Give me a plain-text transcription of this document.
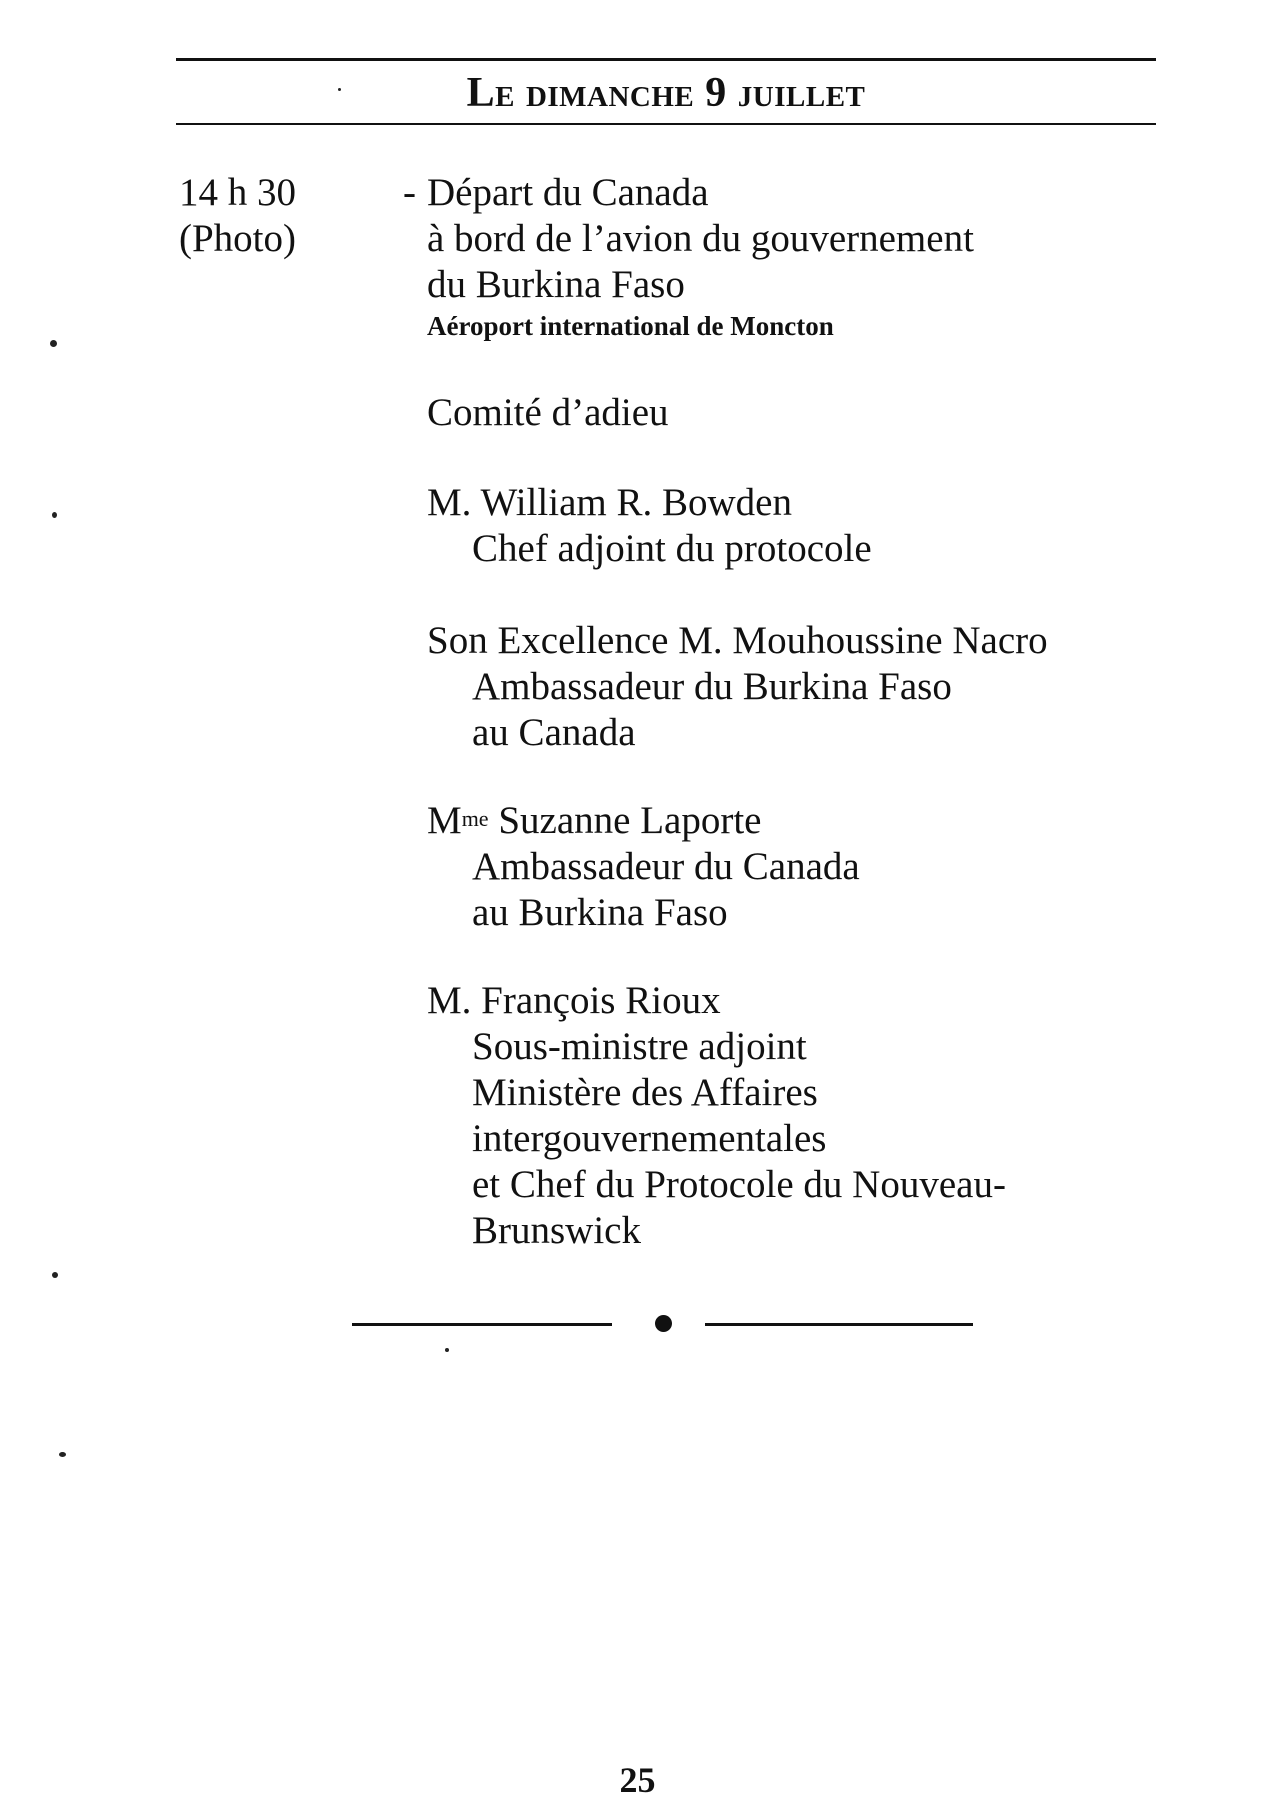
Le dimanche 9 juillet
14 h 30
(Photo)
- Départ du Canada
à bord de l’avion du gouvernement
du Burkina Faso
Aéroport international de Moncton
Comité d’adieu
M. William R. Bowden
Chef adjoint du protocole
Son Excellence M. Mouhoussine Nacro
Ambassadeur du Burkina Faso
au Canada
$M^{me}$ Suzanne Laporte
Ambassadeur du Canada
au Burkina Faso
M. François Rioux
Sous-ministre adjoint
Ministère des Affaires
intergouvernementales
et Chef du Protocole du Nouveau-
Brunswick
25
